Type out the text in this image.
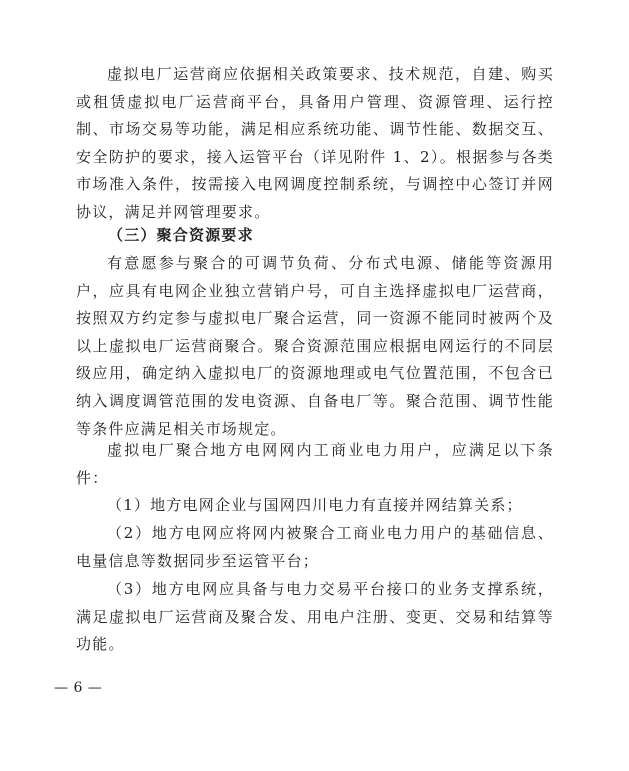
虚拟电厂运营商应依据相关政策要求、技术规范，自建、购买或租赁虚拟电厂运营商平台，具备用户管理、资源管理、运行控制、市场交易等功能，满足相应系统功能、调节性能、数据交互、安全防护的要求，接入运管平台（详见附件 1、2）。根据参与各类市场准入条件，按需接入电网调度控制系统，与调控中心签订并网协议，满足并网管理要求。

（三）聚合资源要求

有意愿参与聚合的可调节负荷、分布式电源、储能等资源用户，应具有电网企业独立营销户号，可自主选择虚拟电厂运营商，按照双方约定参与虚拟电厂聚合运营，同一资源不能同时被两个及以上虚拟电厂运营商聚合。聚合资源范围应根据电网运行的不同层级应用，确定纳入虚拟电厂的资源地理或电气位置范围，不包含已纳入调度调管范围的发电资源、自备电厂等。聚合范围、调节性能等条件应满足相关市场规定。

虚拟电厂聚合地方电网网内工商业电力用户，应满足以下条件：

（1）地方电网企业与国网四川电力有直接并网结算关系；

（2）地方电网应将网内被聚合工商业电力用户的基础信息、电量信息等数据同步至运管平台；

（3）地方电网应具备与电力交易平台接口的业务支撑系统，满足虚拟电厂运营商及聚合发、用电户注册、变更、交易和结算等功能。

— 6 —
